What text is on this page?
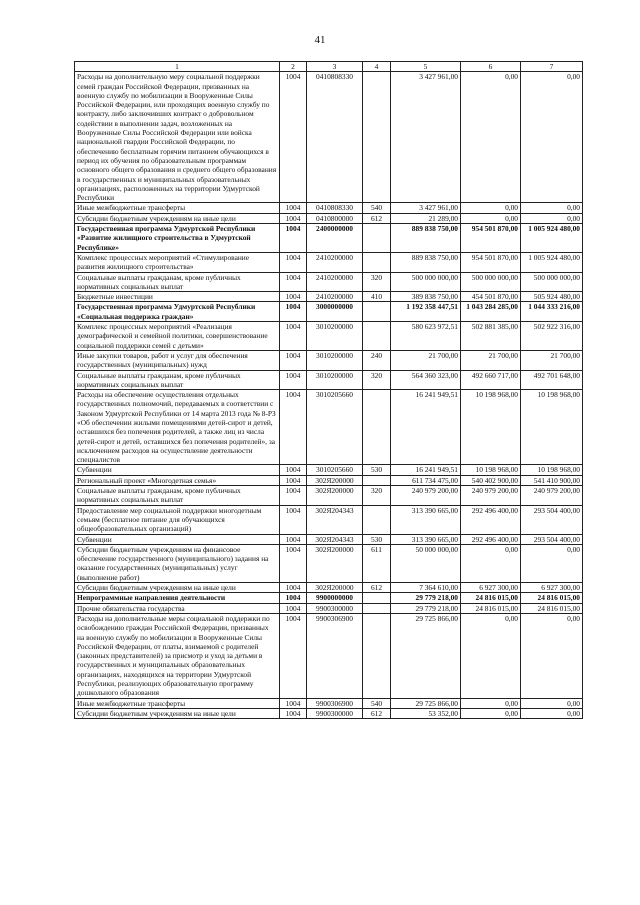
41
1	2	3	4	5	6	7
Расходы на дополнительную меру социальной поддержки семей граждан Российской Федерации, призванных на военную службу по мобилизации в Вооруженные Силы Российской Федерации, или проходящих военную службу по контракту, либо заключивших контракт о добровольном содействии в выполнении задач, возложенных на Вооруженные Силы Российской Федерации или войска национальной гвардии Российской Федерации, по обеспечению бесплатным горячим питанием обучающихся в период их обучения по образовательным программам основного общего образования и среднего общего образования в государственных и муниципальных образовательных организациях, расположенных на территории Удмуртской Республики	1004	0410808330		3 427 961,00	0,00	0,00
Иные межбюджетные трансферты	1004	0410808330	540	3 427 961,00	0,00	0,00
Субсидии бюджетным учреждениям на иные цели	1004	0410800000	612	21 289,00	0,00	0,00
Государственная программа Удмуртской Республики «Развитие жилищного строительства в Удмуртской Республике»	1004	2400000000		889 838 750,00	954 501 870,00	1 005 924 480,00
Комплекс процессных мероприятий «Стимулирование развития жилищного строительства»	1004	2410200000		889 838 750,00	954 501 870,00	1 005 924 480,00
Социальные выплаты гражданам, кроме публичных нормативных социальных выплат	1004	2410200000	320	500 000 000,00	500 000 000,00	500 000 000,00
Бюджетные инвестиции	1004	2410200000	410	389 838 750,00	454 501 870,00	505 924 480,00
Государственная программа Удмуртской Республики «Социальная поддержка граждан»	1004	3000000000		1 192 358 447,51	1 043 284 285,00	1 044 333 216,00
Комплекс процессных мероприятий «Реализация демографической и семейной политики, совершенствование социальной поддержки семей с детьми»	1004	3010200000		580 623 972,51	502 881 385,00	502 922 316,00
Иные закупки товаров, работ и услуг для обеспечения государственных (муниципальных) нужд	1004	3010200000	240	21 700,00	21 700,00	21 700,00
Социальные выплаты гражданам, кроме публичных нормативных социальных выплат	1004	3010200000	320	564 360 323,00	492 660 717,00	492 701 648,00
Расходы на обеспечение осуществления отдельных государственных полномочий, передаваемых в соответствии с Законом Удмуртской Республики от 14 марта 2013 года № 8-РЗ «Об обеспечении жилыми помещениями детей-сирот и детей, оставшихся без попечения родителей, а также лиц из числа детей-сирот и детей, оставшихся без попечения родителей», за исключением расходов на осуществление деятельности специалистов	1004	3010205660		16 241 949,51	10 198 968,00	10 198 968,00
Субвенции	1004	3010205660	530	16 241 949,51	10 198 968,00	10 198 968,00
Региональный проект «Многодетная семья»	1004	302Я200000		611 734 475,00	540 402 900,00	541 410 900,00
Социальные выплаты гражданам, кроме публичных нормативных социальных выплат	1004	302Я200000	320	240 979 200,00	240 979 200,00	240 979 200,00
Предоставление мер социальной поддержки многодетным семьям (бесплатное питание для обучающихся общеобразовательных организаций)	1004	302Я204343		313 390 665,00	292 496 400,00	293 504 400,00
Субвенции	1004	302Я204343	530	313 390 665,00	292 496 400,00	293 504 400,00
Субсидии бюджетным учреждениям на финансовое обеспечение государственного (муниципального) задания на оказание государственных (муниципальных) услуг (выполнение работ)	1004	302Я200000	611	50 000 000,00	0,00	0,00
Субсидии бюджетным учреждениям на иные цели	1004	302Я200000	612	7 364 610,00	6 927 300,00	6 927 300,00
Непрограммные направления деятельности	1004	9900000000		29 779 218,00	24 816 015,00	24 816 015,00
Прочие обязательства государства	1004	9900300000		29 779 218,00	24 816 015,00	24 816 015,00
Расходы на дополнительные меры социальной поддержки по освобождению граждан Российской Федерации, призванных на военную службу по мобилизации в Вооруженные Силы Российской Федерации, от платы, взимаемой с родителей (законных представителей) за присмотр и уход за детьми в государственных и муниципальных образовательных организациях, находящихся на территории Удмуртской Республики, реализующих образовательную программу дошкольного образования	1004	9900306900		29 725 866,00	0,00	0,00
Иные межбюджетные трансферты	1004	9900306900	540	29 725 866,00	0,00	0,00
Субсидии бюджетным учреждениям на иные цели	1004	9900300000	612	53 352,00	0,00	0,00
